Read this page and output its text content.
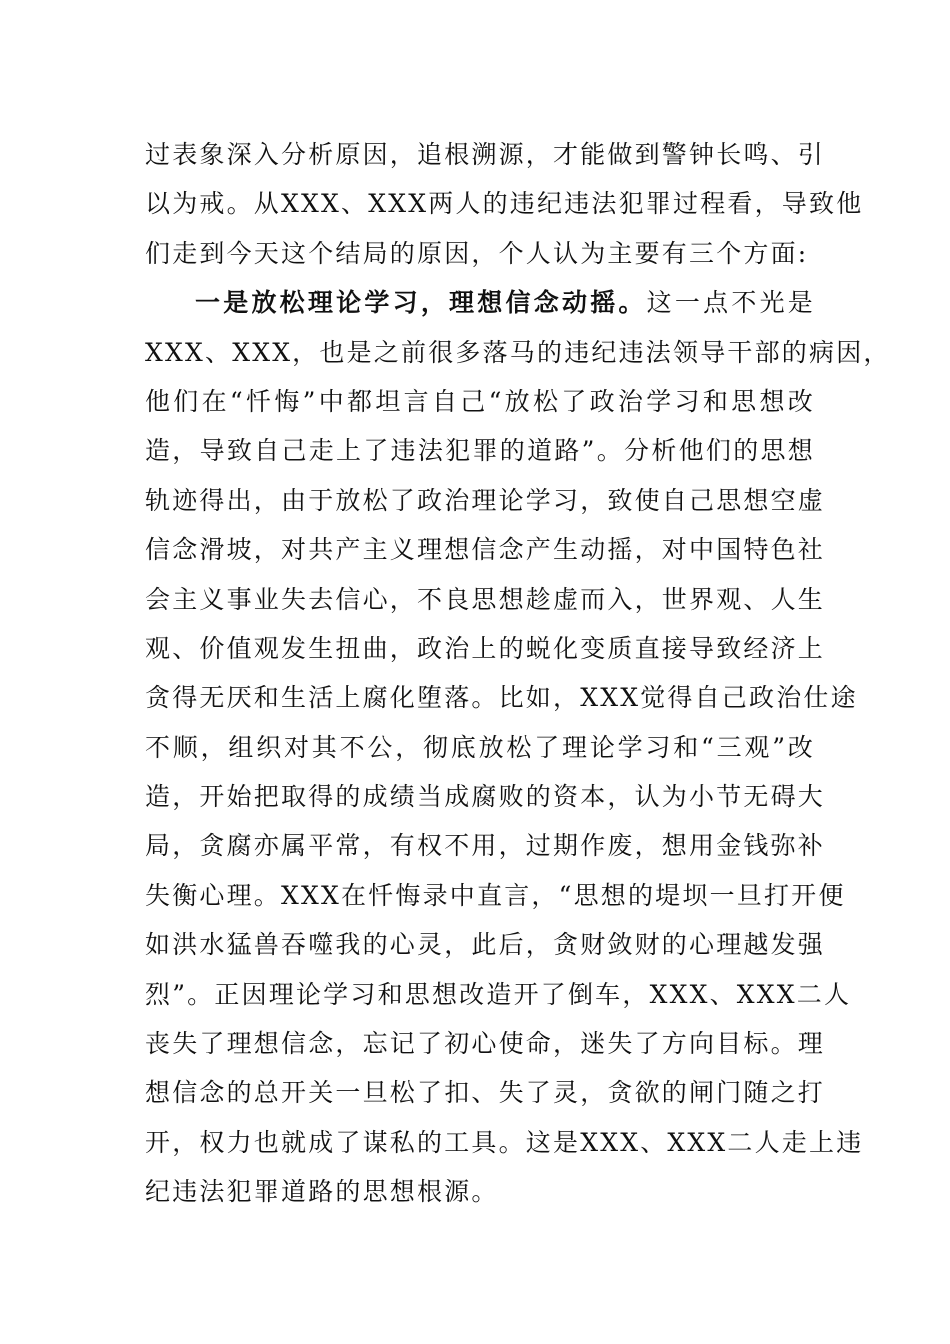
过表象深入分析原因，追根溯源，才能做到警钟长鸣、引
以为戒。从XXX、XXX两人的违纪违法犯罪过程看，导致他
们走到今天这个结局的原因，个人认为主要有三个方面:
一是放松理论学习，理想信念动摇。这一点不光是
XXX、XXX，也是之前很多落马的违纪违法领导干部的病因，
他们在“忏悔”中都坦言自己“放松了政治学习和思想改
造，导致自己走上了违法犯罪的道路”。分析他们的思想
轨迹得出，由于放松了政治理论学习，致使自己思想空虚
信念滑坡，对共产主义理想信念产生动摇，对中国特色社
会主义事业失去信心，不良思想趁虚而入，世界观、人生
观、价值观发生扭曲，政治上的蜕化变质直接导致经济上
贪得无厌和生活上腐化堕落。比如，XXX觉得自己政治仕途
不顺，组织对其不公，彻底放松了理论学习和“三观”改
造，开始把取得的成绩当成腐败的资本，认为小节无碍大
局，贪腐亦属平常，有权不用，过期作废，想用金钱弥补
失衡心理。XXX在忏悔录中直言，“思想的堤坝一旦打开便
如洪水猛兽吞噬我的心灵，此后，贪财敛财的心理越发强
烈”。正因理论学习和思想改造开了倒车，XXX、XXX二人
丧失了理想信念，忘记了初心使命，迷失了方向目标。理
想信念的总开关一旦松了扣、失了灵，贪欲的闸门随之打
开，权力也就成了谋私的工具。这是XXX、XXX二人走上违
纪违法犯罪道路的思想根源。
